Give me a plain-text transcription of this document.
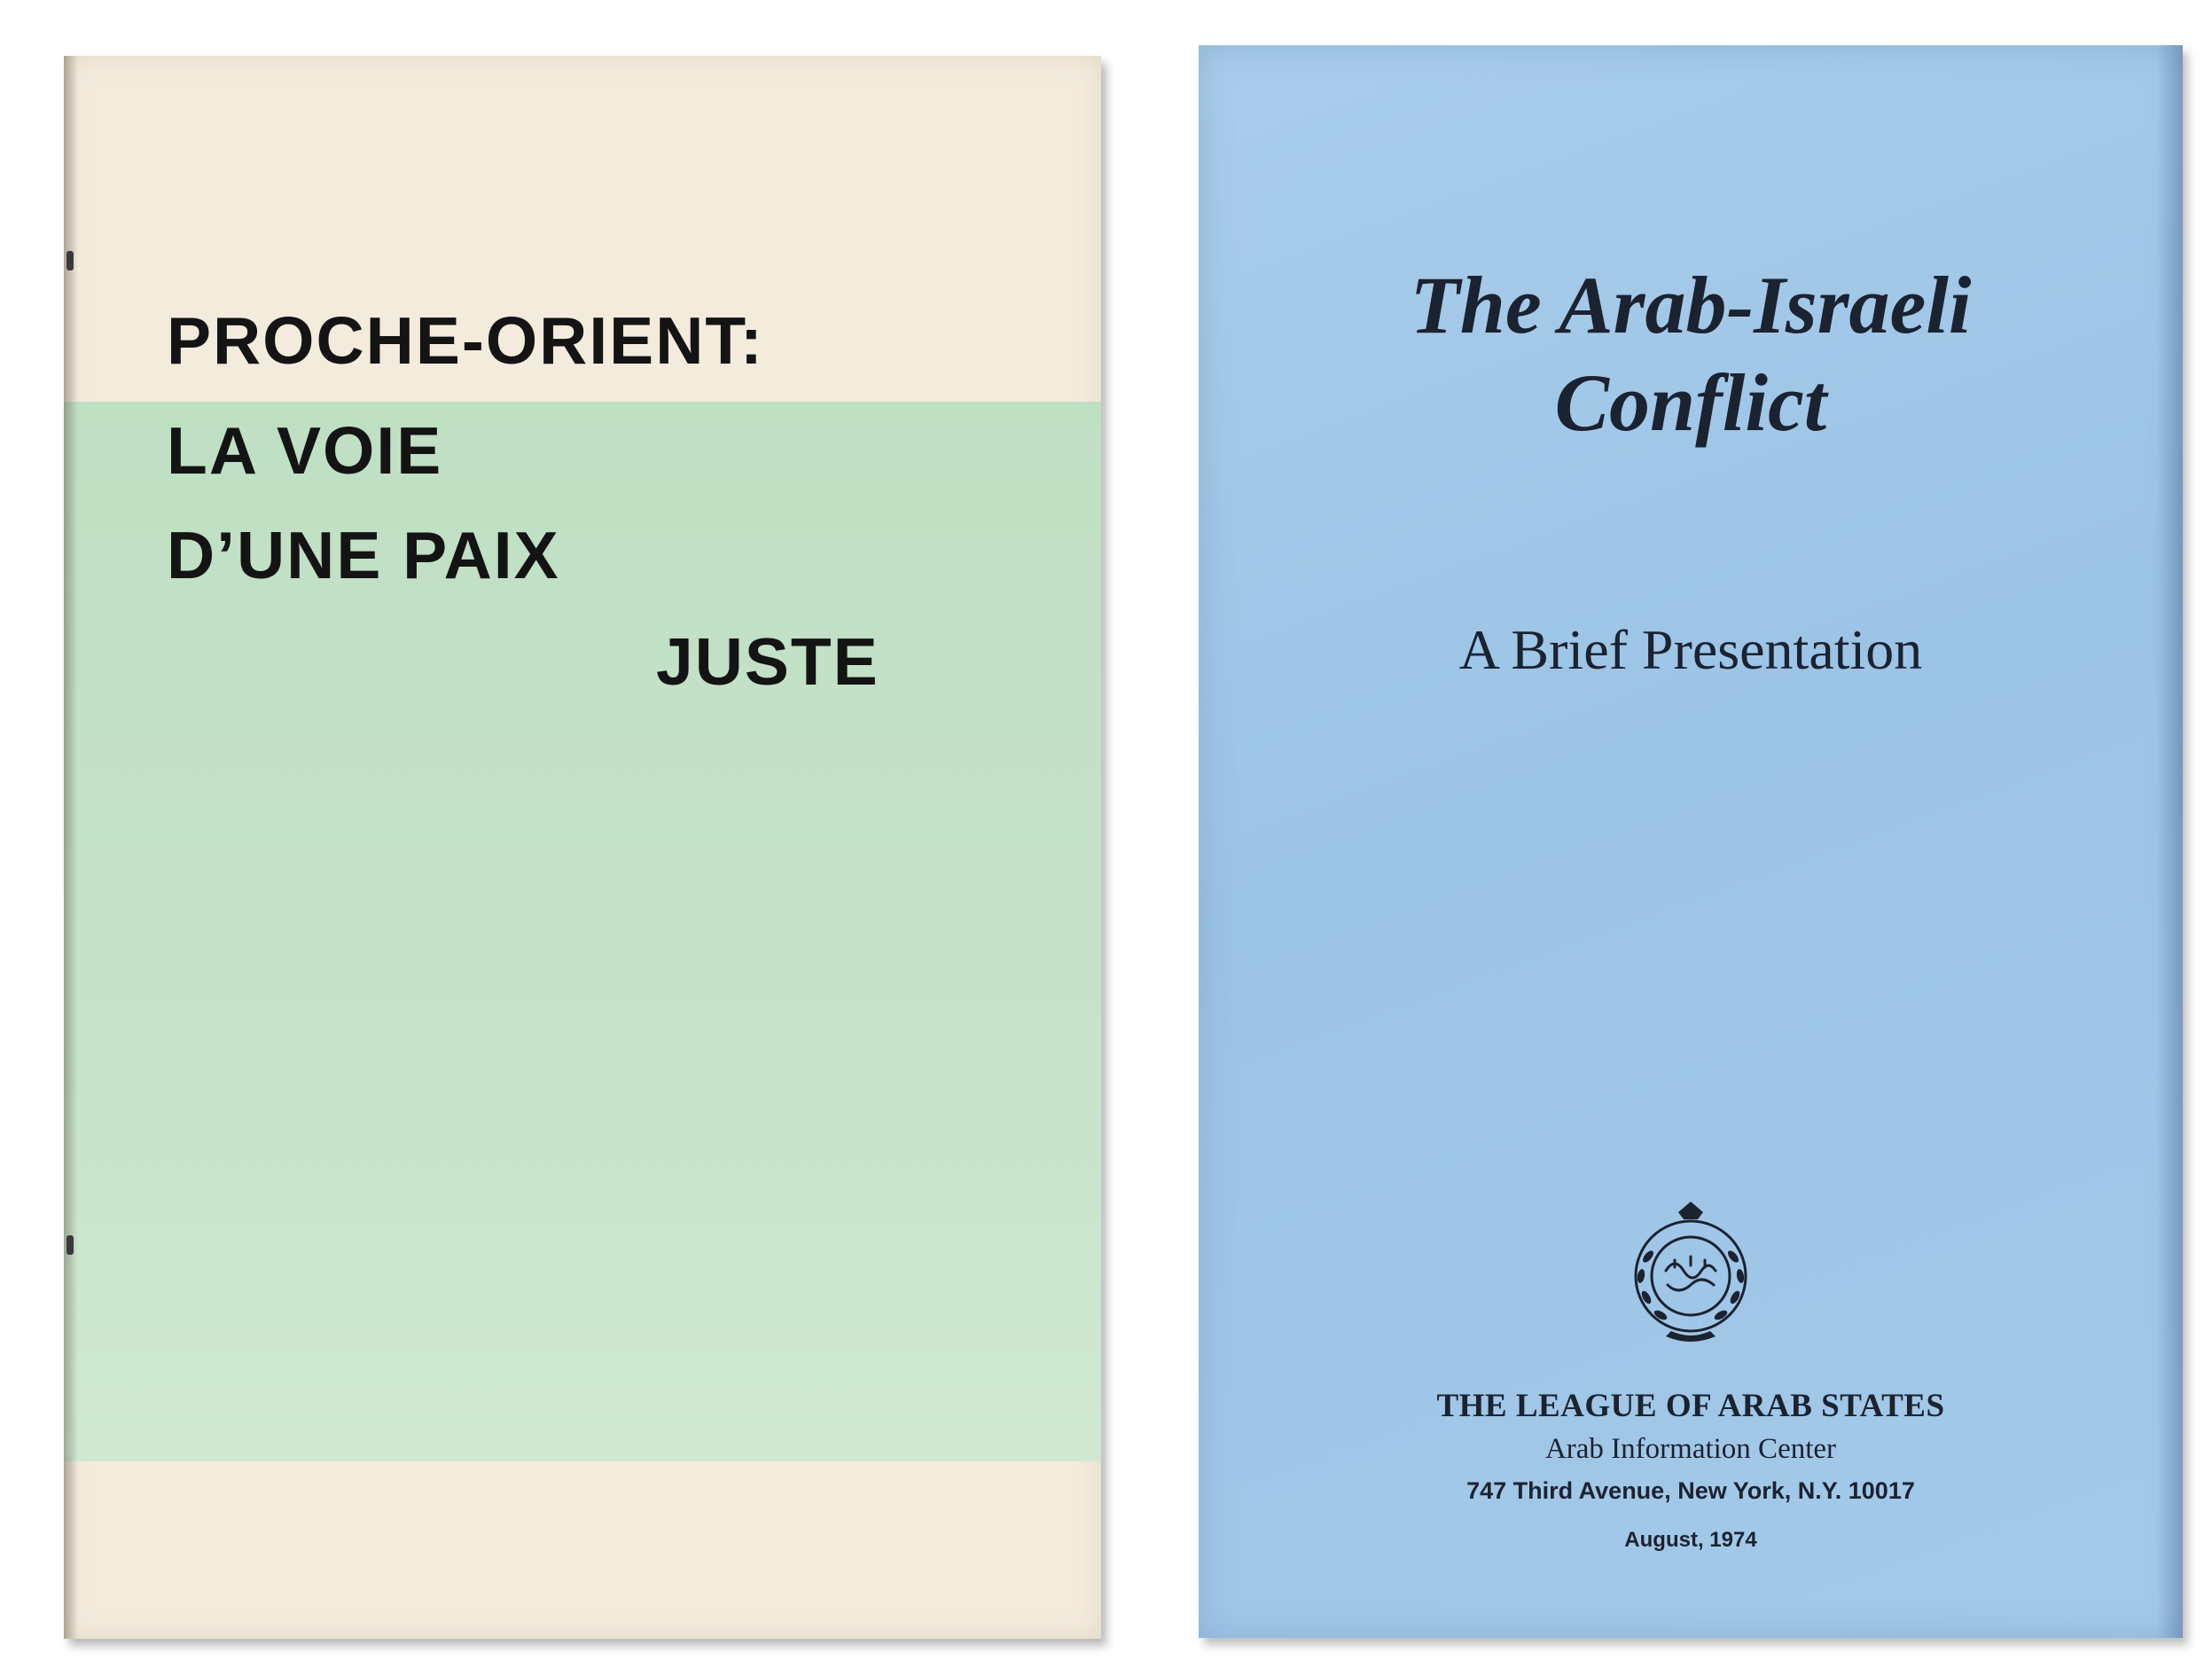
PROCHE-ORIENT:
LA VOIE
D’UNE PAIX
JUSTE
The Arab-Israeli
Conflict
A Brief Presentation
THE LEAGUE OF ARAB STATES
Arab Information Center
747 Third Avenue, New York, N.Y. 10017
August, 1974
